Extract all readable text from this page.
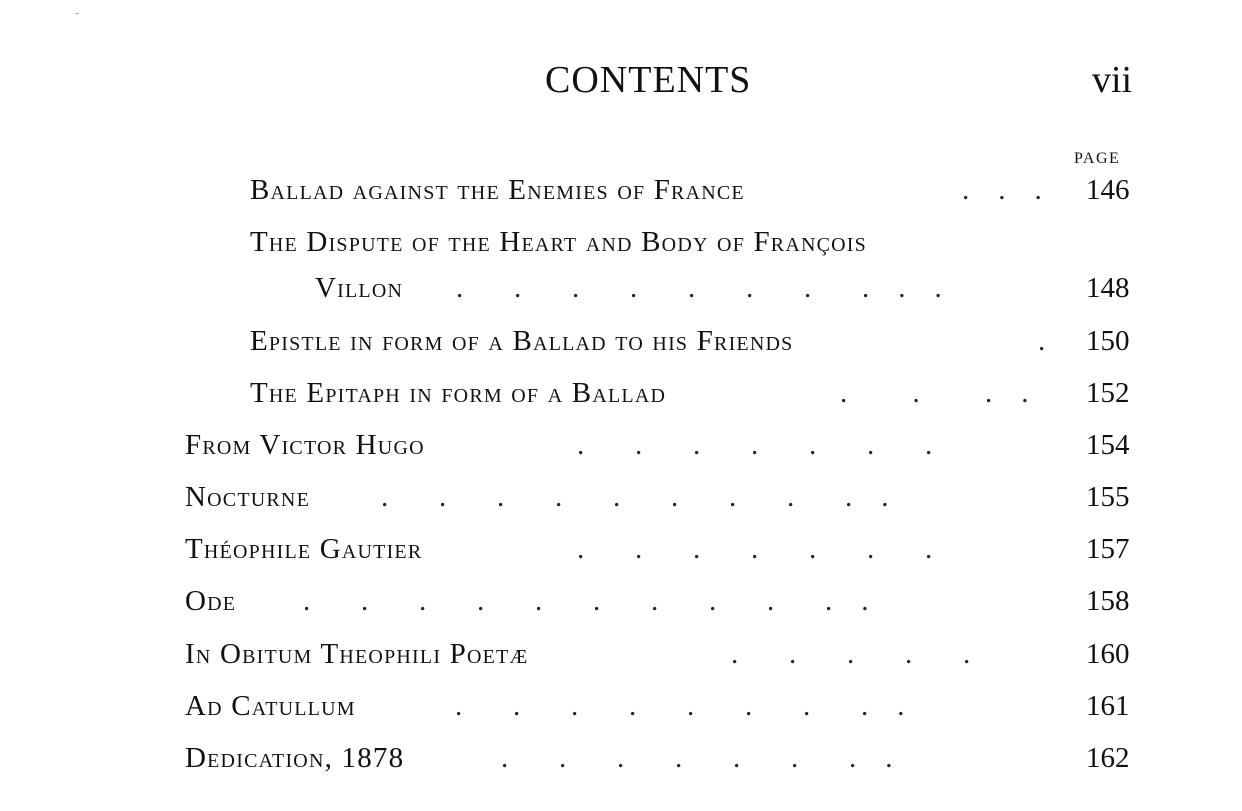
CONTENTS	vii
PAGE
Ballad against the Enemies of France	.    .    .	146
The Dispute of the Heart and Body of François
Villon .       .       .       .       .       .       .       .    .    .	148
Epistle in form of a Ballad to his Friends	.	150
The Epitaph in form of a Ballad	.         .         .    .	152
From Victor Hugo	.       .       .       .       .       .       .	154
Nocturne .       .       .       .       .       .       .       .       .    .	155
Théophile Gautier	.       .       .       .       .       .       .	157
Ode .       .       .       .       .       .       .       .       .       .    .	158
In Obitum Theophili Poetæ	.       .       .       .       .	160
Ad Catullum	.       .       .       .       .       .       .       .    .	161
Dedication, 1878	.       .       .       .       .       .       .    .	162
